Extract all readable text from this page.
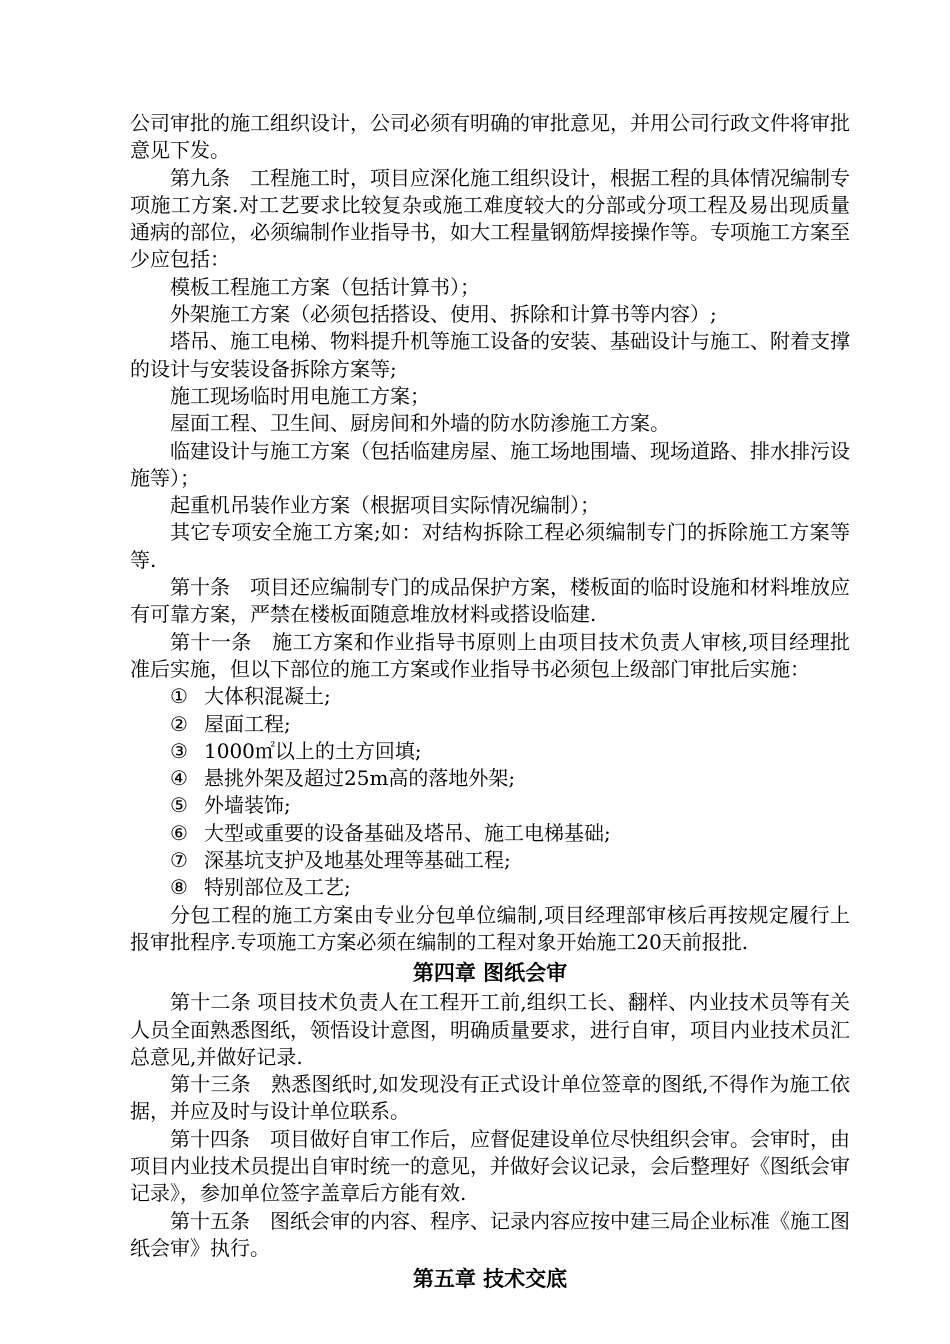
公司审批的施工组织设计，公司必须有明确的审批意见，并用公司行政文件将审批意见下发。

第九条　工程施工时，项目应深化施工组织设计，根据工程的具体情况编制专项施工方案.对工艺要求比较复杂或施工难度较大的分部或分项工程及易出现质量通病的部位，必须编制作业指导书，如大工程量钢筋焊接操作等。专项施工方案至少应包括：

模板工程施工方案（包括计算书）；

外架施工方案（必须包括搭设、使用、拆除和计算书等内容）;

塔吊、施工电梯、物料提升机等施工设备的安装、基础设计与施工、附着支撑的设计与安装设备拆除方案等;

施工现场临时用电施工方案；

屋面工程、卫生间、厨房间和外墙的防水防渗施工方案。

临建设计与施工方案（包括临建房屋、施工场地围墙、现场道路、排水排污设施等）；

起重机吊装作业方案（根据项目实际情况编制）；

其它专项安全施工方案;如：对结构拆除工程必须编制专门的拆除施工方案等等.

第十条　项目还应编制专门的成品保护方案，楼板面的临时设施和材料堆放应有可靠方案，严禁在楼板面随意堆放材料或搭设临建.

第十一条　施工方案和作业指导书原则上由项目技术负责人审核,项目经理批准后实施，但以下部位的施工方案或作业指导书必须包上级部门审批后实施：

① 大体积混凝土;

② 屋面工程;

③ 1000㎡以上的土方回填;

④ 悬挑外架及超过25m高的落地外架;

⑤ 外墙装饰;

⑥ 大型或重要的设备基础及塔吊、施工电梯基础;

⑦ 深基坑支护及地基处理等基础工程;

⑧ 特别部位及工艺;

分包工程的施工方案由专业分包单位编制,项目经理部审核后再按规定履行上报审批程序.专项施工方案必须在编制的工程对象开始施工20天前报批.

第四章 图纸会审

第十二条 项目技术负责人在工程开工前,组织工长、翻样、内业技术员等有关人员全面熟悉图纸，领悟设计意图，明确质量要求，进行自审，项目内业技术员汇总意见,并做好记录.

第十三条　熟悉图纸时,如发现没有正式设计单位签章的图纸,不得作为施工依据，并应及时与设计单位联系。

第十四条　项目做好自审工作后，应督促建设单位尽快组织会审。会审时，由项目内业技术员提出自审时统一的意见，并做好会议记录，会后整理好《图纸会审记录》，参加单位签字盖章后方能有效.

第十五条　图纸会审的内容、程序、记录内容应按中建三局企业标准《施工图纸会审》执行。

第五章 技术交底
